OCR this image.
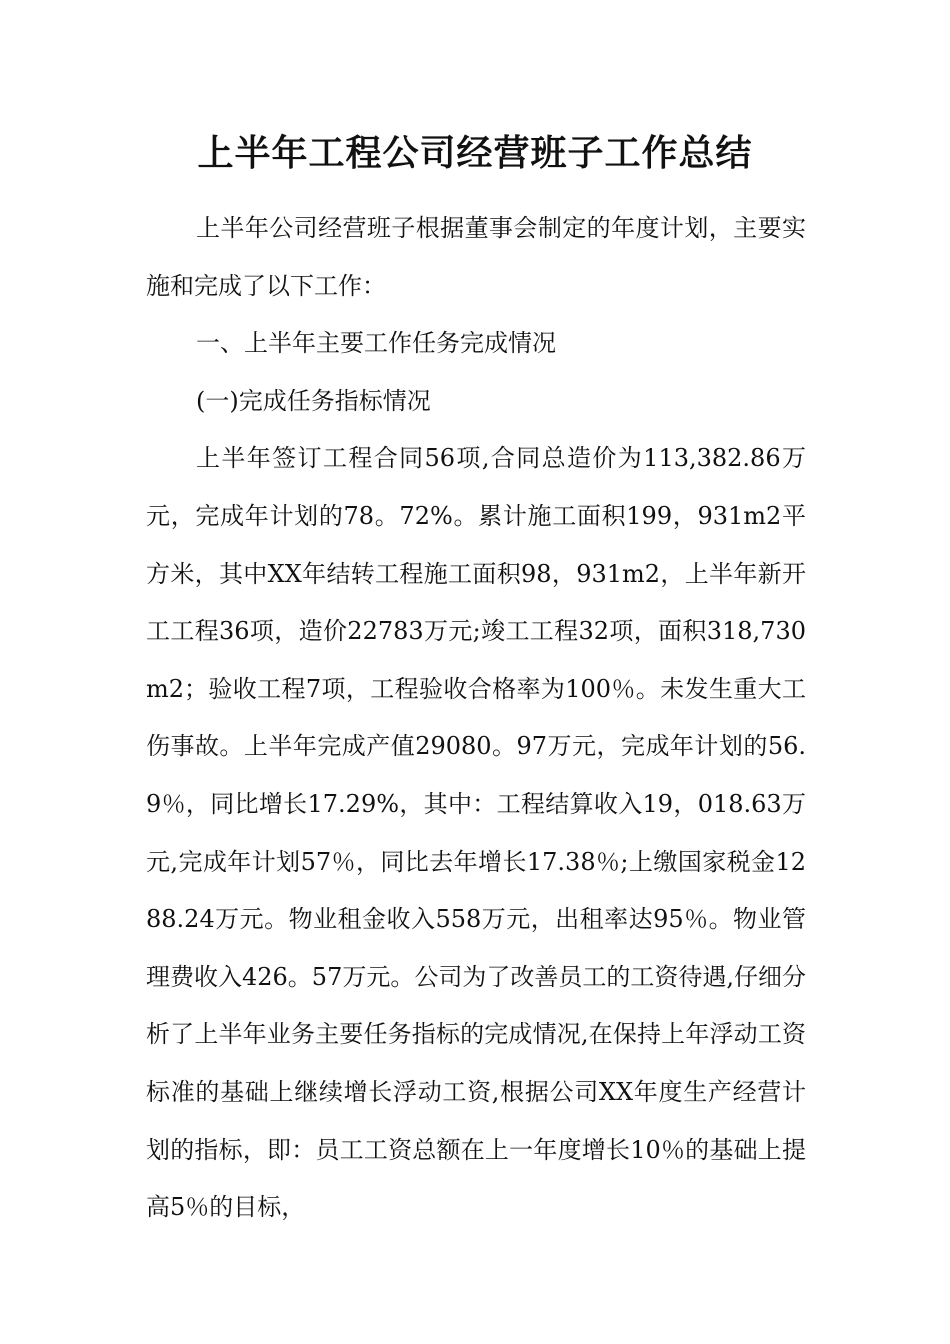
上半年工程公司经营班子工作总结

上半年公司经营班子根据董事会制定的年度计划，主要实施和完成了以下工作：

一、上半年主要工作任务完成情况

(一)完成任务指标情况

上半年签订工程合同56项,合同总造价为113,382.86万元，完成年计划的78。72%。累计施工面积199，931m2平方米，其中XX年结转工程施工面积98，931m2，上半年新开工工程36项，造价22783万元;竣工工程32项，面积318,730m2；验收工程7项，工程验收合格率为100％。未发生重大工伤事故。上半年完成产值29080。97万元，完成年计划的56.9％，同比增长17.29%，其中：工程结算收入19，018.63万元,完成年计划57％，同比去年增长17.38％;上缴国家税金1288.24万元。物业租金收入558万元，出租率达95％。物业管理费收入426。57万元。公司为了改善员工的工资待遇,仔细分析了上半年业务主要任务指标的完成情况,在保持上年浮动工资标准的基础上继续增长浮动工资,根据公司XX年度生产经营计划的指标，即：员工工资总额在上一年度增长10％的基础上提高5％的目标，
